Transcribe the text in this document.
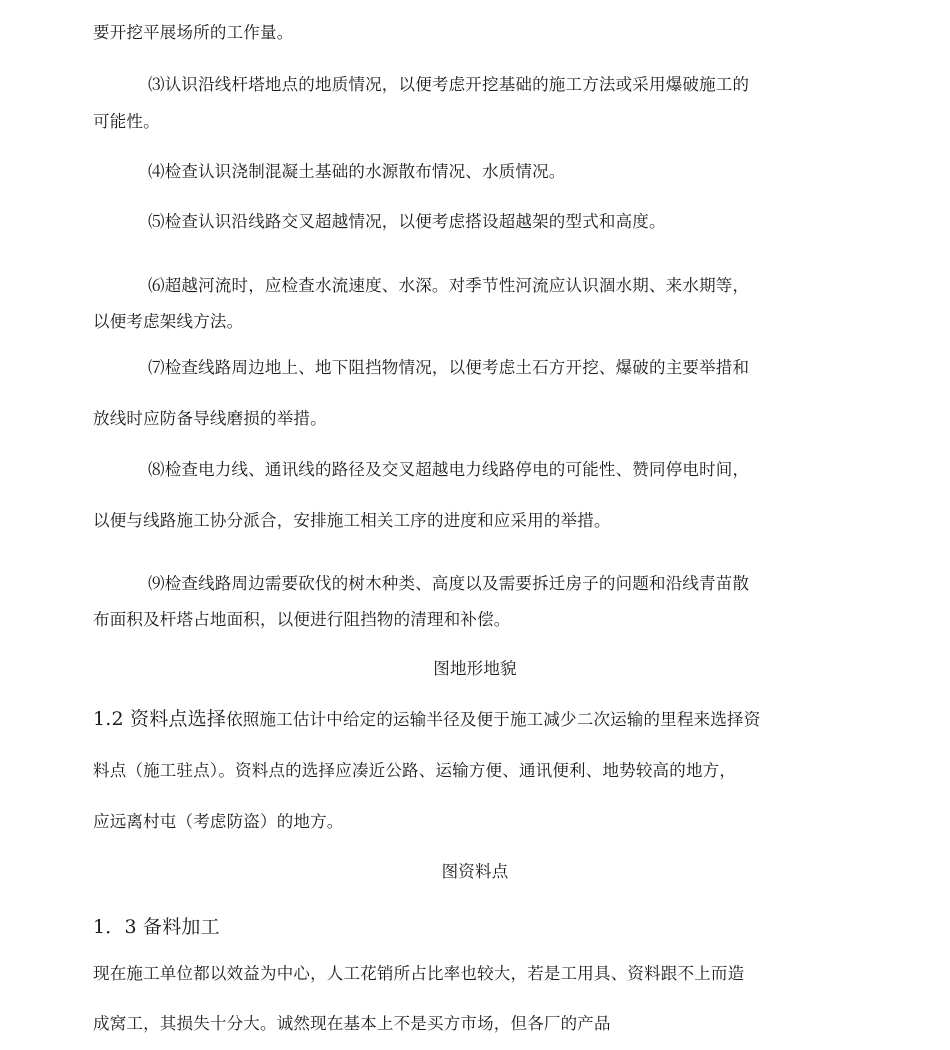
要开挖平展场所的工作量。
⑶认识沿线杆塔地点的地质情况，以便考虑开挖基础的施工方法或采用爆破施工的
可能性。
⑷检查认识浇制混凝土基础的水源散布情况、水质情况。
⑸检查认识沿线路交叉超越情况，以便考虑搭设超越架的型式和高度。
⑹超越河流时，应检查水流速度、水深。对季节性河流应认识涸水期、来水期等，
以便考虑架线方法。
⑺检查线路周边地上、地下阻挡物情况，以便考虑土石方开挖、爆破的主要举措和
放线时应防备导线磨损的举措。
⑻检查电力线、通讯线的路径及交叉超越电力线路停电的可能性、赞同停电时间，
以便与线路施工协分派合，安排施工相关工序的进度和应采用的举措。
⑼检查线路周边需要砍伐的树木种类、高度以及需要拆迁房子的问题和沿线青苗散
布面积及杆塔占地面积，以便进行阻挡物的清理和补偿。
图地形地貌
1.2 资料点选择依照施工估计中给定的运输半径及便于施工减少二次运输的里程来选择资
料点（施工驻点）。资料点的选择应凑近公路、运输方便、通讯便利、地势较高的地方，
应远离村屯（考虑防盗）的地方。
图资料点
1．3 备料加工
现在施工单位都以效益为中心，人工花销所占比率也较大，若是工用具、资料跟不上而造
成窝工，其损失十分大。诚然现在基本上不是买方市场，但各厂的产品
